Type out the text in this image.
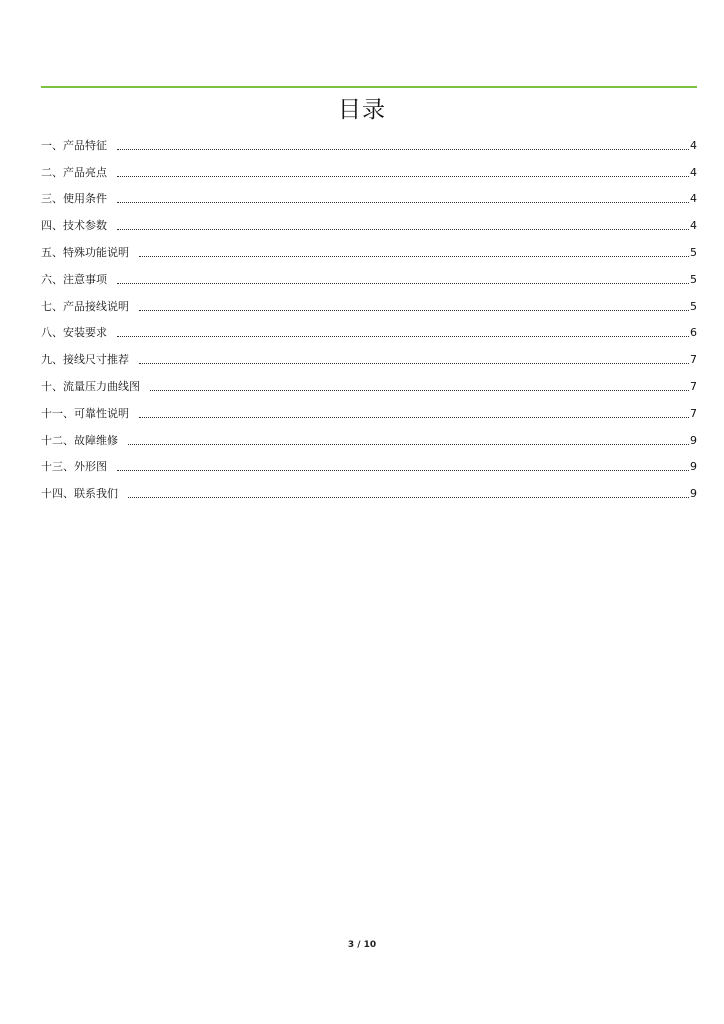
目录
一、产品特征	4
二、产品亮点	4
三、使用条件	4
四、技术参数	4
五、特殊功能说明	5
六、注意事项	5
七、产品接线说明	5
八、安装要求	6
九、接线尺寸推荐	7
十、流量压力曲线图	7
十一、可靠性说明	7
十二、故障维修	9
十三、外形图	9
十四、联系我们	9
3 / 10
